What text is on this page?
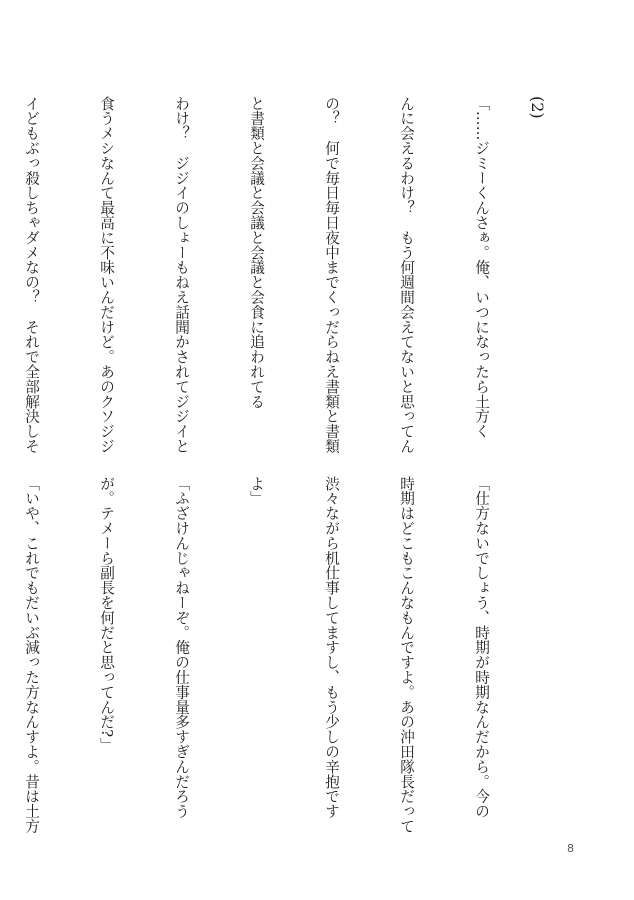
(2)

「……ジミーくんさぁ。俺、いつになったら土方く

んに会えるわけ？　もう何週間会えてないと思ってん

の？　何で毎日毎日夜中までくっだらねえ書類と書類

と書類と会議と会議と会議と会食に追われてる

わけ？　ジジイのしょーもねえ話聞かされてジジイと

食うメシなんて最高に不味いんだけど。あのクソジジ

イどもぶっ殺しちゃダメなの？　それで全部解決しそ

「仕方ないでしょう、時期が時期なんだから。今の

時期はどこもこんなもんですよ。あの沖田隊長だって

渋々ながら机仕事してますし、もう少しの辛抱です

よ」

「ふざけんじゃねーぞ。俺の仕事量多すぎんだろう

が。テメーら副長を何だと思ってんだ?」

「いや、これでもだいぶ減った方なんすよ。昔は土方

8
